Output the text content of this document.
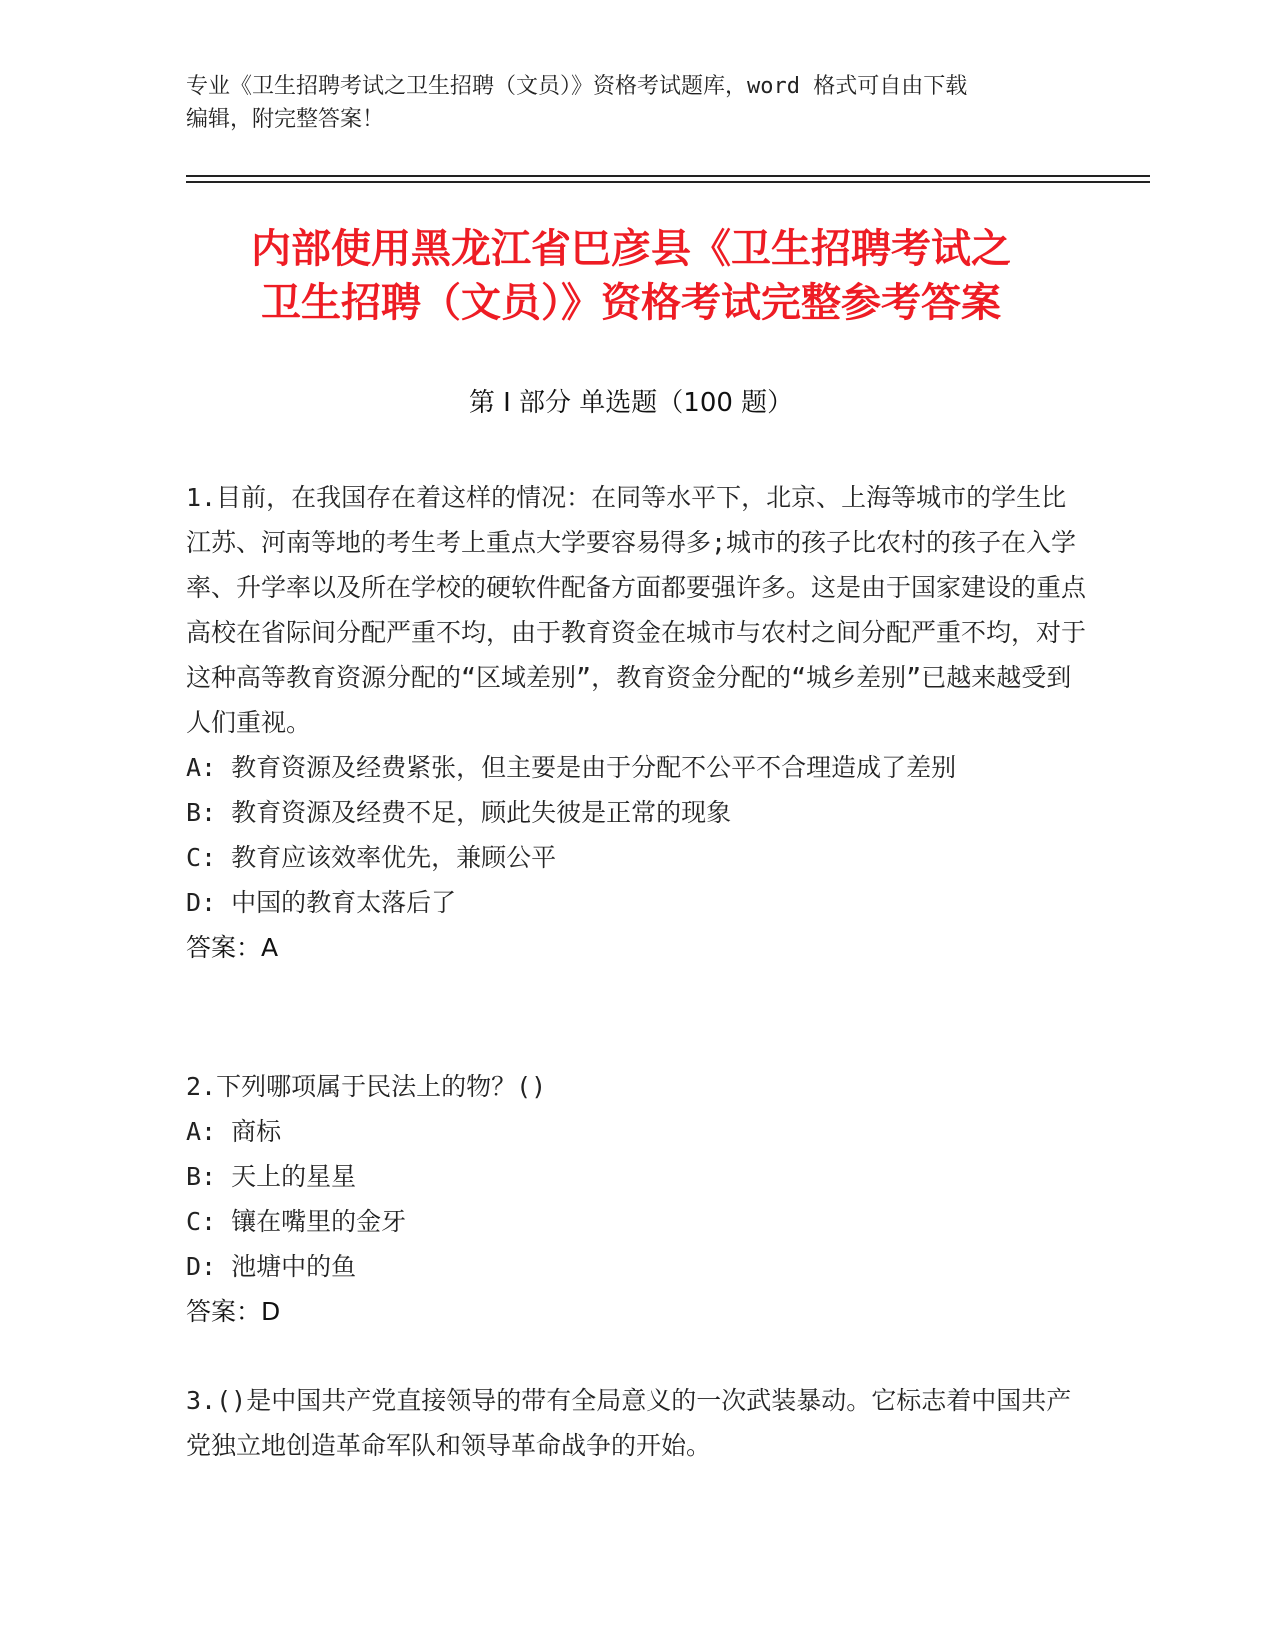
专业《卫生招聘考试之卫生招聘（文员）》资格考试题库，word 格式可自由下载
编辑，附完整答案！
内部使用黑龙江省巴彦县《卫生招聘考试之
卫生招聘（文员）》资格考试完整参考答案
第 I 部分 单选题（100 题）

1.目前，在我国存在着这样的情况：在同等水平下，北京、上海等城市的学生比江苏、河南等地的考生考上重点大学要容易得多;城市的孩子比农村的孩子在入学率、升学率以及所在学校的硬软件配备方面都要强许多。这是由于国家建设的重点高校在省际间分配严重不均，由于教育资金在城市与农村之间分配严重不均，对于这种高等教育资源分配的“区域差别”，教育资金分配的“城乡差别”已越来越受到人们重视。

A: 教育资源及经费紧张，但主要是由于分配不公平不合理造成了差别

B: 教育资源及经费不足，顾此失彼是正常的现象

C: 教育应该效率优先，兼顾公平

D: 中国的教育太落后了

答案：A

2.下列哪项属于民法上的物？()

A: 商标

B: 天上的星星

C: 镶在嘴里的金牙

D: 池塘中的鱼

答案：D

3.()是中国共产党直接领导的带有全局意义的一次武装暴动。它标志着中国共产党独立地创造革命军队和领导革命战争的开始。
